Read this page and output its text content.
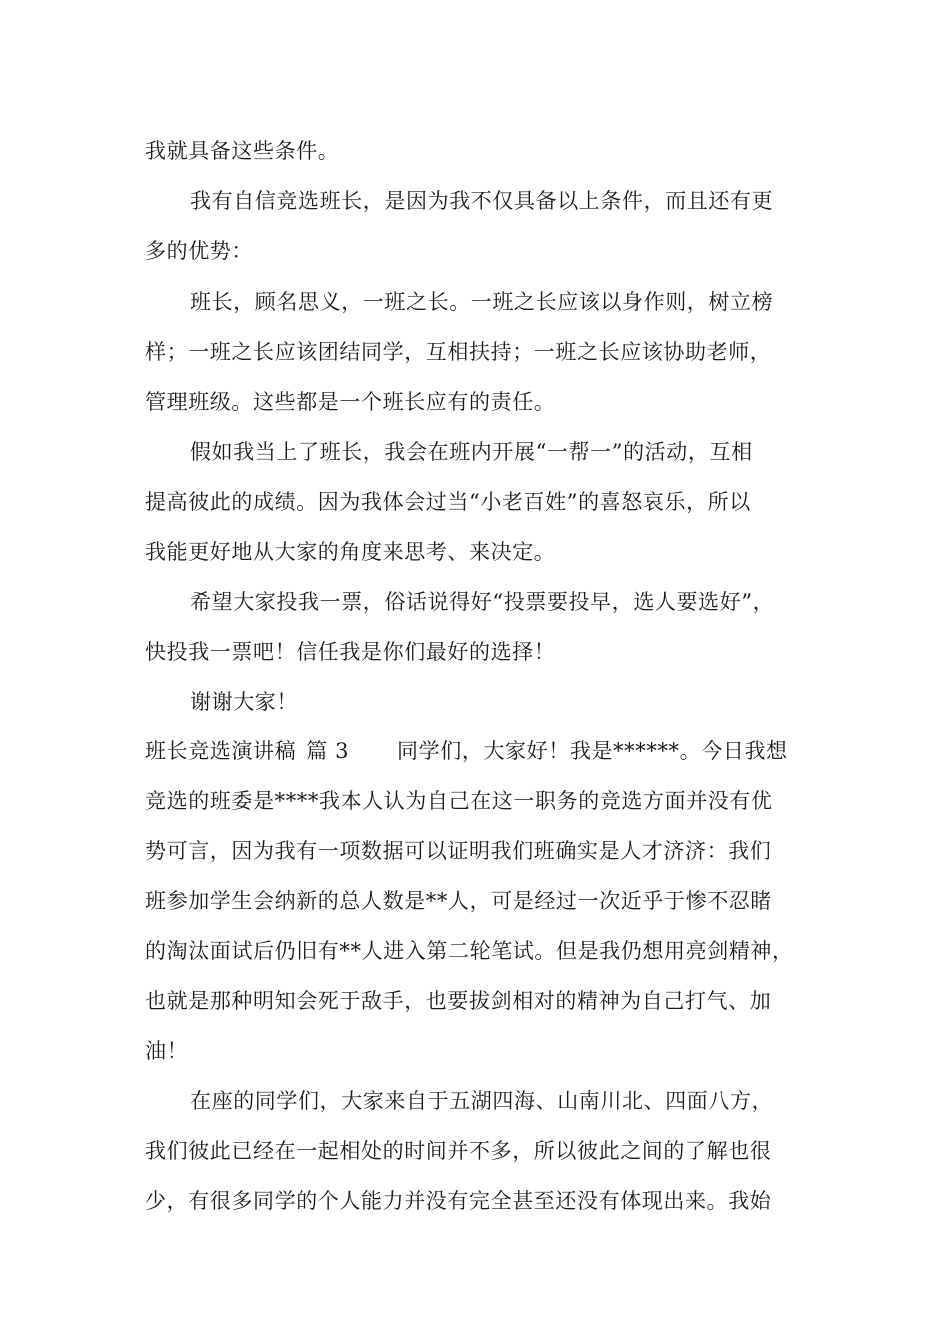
我就具备这些条件。
我有自信竞选班长，是因为我不仅具备以上条件，而且还有更
多的优势：
班长，顾名思义，一班之长。一班之长应该以身作则，树立榜
样；一班之长应该团结同学，互相扶持；一班之长应该协助老师，
管理班级。这些都是一个班长应有的责任。
假如我当上了班长，我会在班内开展“一帮一”的活动，互相
提高彼此的成绩。因为我体会过当“小老百姓”的喜怒哀乐，所以
我能更好地从大家的角度来思考、来决定。
希望大家投我一票，俗话说得好“投票要投早，选人要选好”，
快投我一票吧！信任我是你们最好的选择！
谢谢大家！
班长竞选演讲稿 篇 3 同学们，大家好！我是******。今日我想
竞选的班委是****我本人认为自己在这一职务的竞选方面并没有优
势可言，因为我有一项数据可以证明我们班确实是人才济济：我们
班参加学生会纳新的总人数是**人，可是经过一次近乎于惨不忍睹
的淘汰面试后仍旧有**人进入第二轮笔试。但是我仍想用亮剑精神，
也就是那种明知会死于敌手，也要拔剑相对的精神为自己打气、加
油！
在座的同学们，大家来自于五湖四海、山南川北、四面八方，
我们彼此已经在一起相处的时间并不多，所以彼此之间的了解也很
少，有很多同学的个人能力并没有完全甚至还没有体现出来。我始
